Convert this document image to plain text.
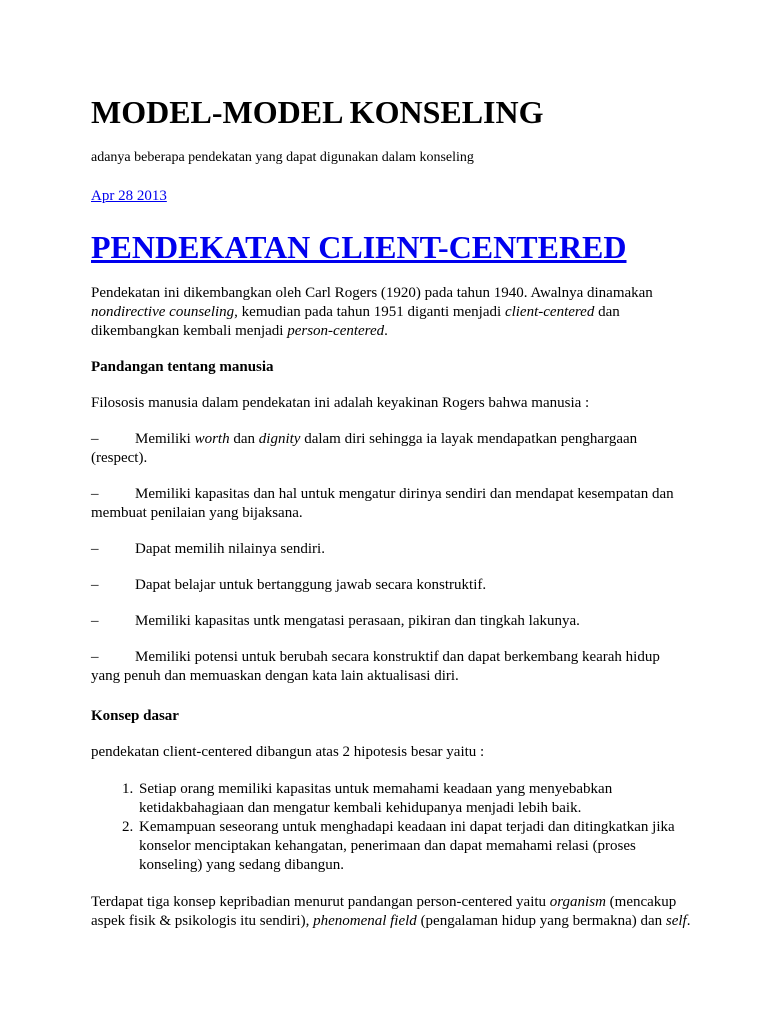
MODEL-MODEL KONSELING

adanya beberapa pendekatan yang dapat digunakan dalam konseling

Apr 28 2013
PENDEKATAN CLIENT-CENTERED

Pendekatan ini dikembangkan oleh Carl Rogers (1920) pada tahun 1940. Awalnya dinamakan nondirective counseling, kemudian pada tahun 1951 diganti menjadi client-centered dan dikembangkan kembali menjadi person-centered.

Pandangan tentang manusia

Filososis manusia dalam pendekatan ini adalah keyakinan Rogers bahwa manusia :

– Memiliki worth dan dignity dalam diri sehingga ia layak mendapatkan penghargaan (respect).

– Memiliki kapasitas dan hal untuk mengatur dirinya sendiri dan mendapat kesempatan dan membuat penilaian yang bijaksana.

– Dapat memilih nilainya sendiri.

– Dapat belajar untuk bertanggung jawab secara konstruktif.

– Memiliki kapasitas untk mengatasi perasaan, pikiran dan tingkah lakunya.

– Memiliki potensi untuk berubah secara konstruktif dan dapat berkembang kearah hidup yang penuh dan memuaskan dengan kata lain aktualisasi diri.

Konsep dasar

pendekatan client-centered dibangun atas 2 hipotesis besar yaitu :

1. Setiap orang memiliki kapasitas untuk memahami keadaan yang menyebabkan ketidakbahagiaan dan mengatur kembali kehidupanya menjadi lebih baik.
2. Kemampuan seseorang untuk menghadapi keadaan ini dapat terjadi dan ditingkatkan jika konselor menciptakan kehangatan, penerimaan dan dapat memahami relasi (proses konseling) yang sedang dibangun.

Terdapat tiga konsep kepribadian menurut pandangan person-centered yaitu organism (mencakup aspek fisik & psikologis itu sendiri), phenomenal field (pengalaman hidup yang bermakna) dan self.
